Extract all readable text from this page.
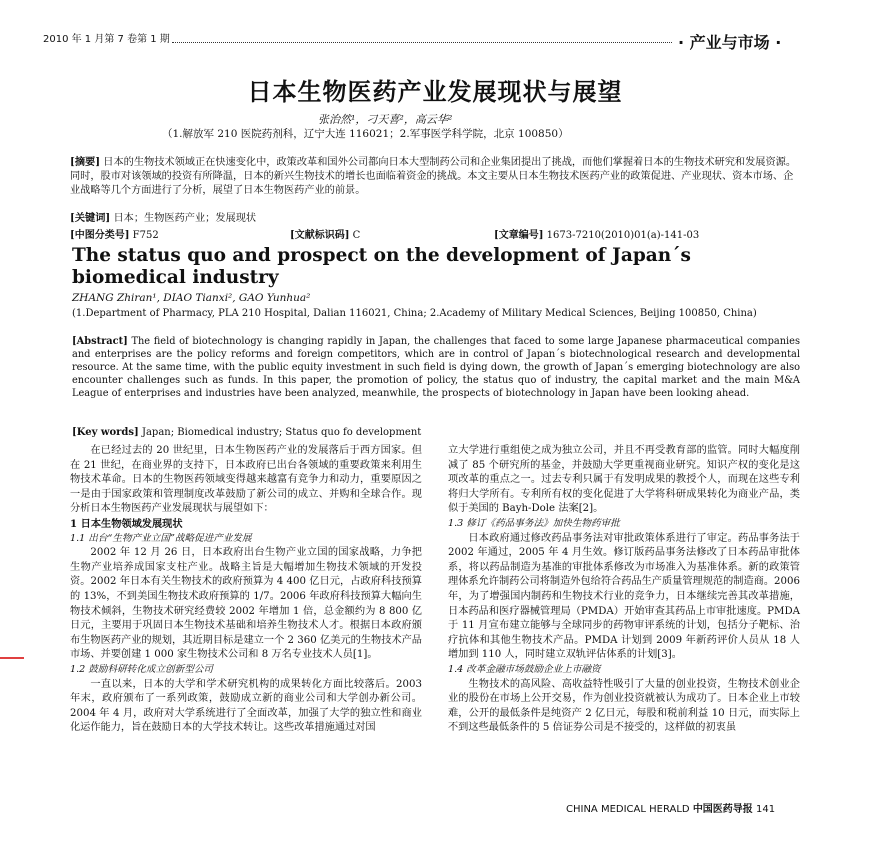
2010 年 1 月第 7 卷第 1 期	· 产业与市场 ·
日本生物医药产业发展现状与展望
张治然¹，刁天喜²，高云华²
（1.解放军 210 医院药剂科，辽宁大连 116021；2.军事医学科学院，北京 100850）
[摘要] 日本的生物技术领域正在快速变化中，政策改革和国外公司都向日本大型制药公司和企业集团提出了挑战，而他们掌握着日本的生物技术研究和发展资源。同时，股市对该领域的投资有所降温，日本的新兴生物技术的增长也面临着资金的挑战。本文主要从日本生物技术医药产业的政策促进、产业现状、资本市场、企业战略等几个方面进行了分析，展望了日本生物医药产业的前景。
[关键词] 日本；生物医药产业；发展现状
[中图分类号] F752	[文献标识码] C	[文章编号] 1673-7210(2010)01(a)-141-03
The status quo and prospect on the development of Japan´s biomedical industry
ZHANG Zhiran¹, DIAO Tianxi², GAO Yunhua²
(1.Department of Pharmacy, PLA 210 Hospital, Dalian 116021, China; 2.Academy of Military Medical Sciences, Beijing 100850, China)
[Abstract] The field of biotechnology is changing rapidly in Japan, the challenges that faced to some large Japanese pharmaceutical companies and enterprises are the policy reforms and foreign competitors, which are in control of Japan´s biotechnological research and developmental resource. At the same time, with the public equity investment in such field is dying down, the growth of Japan´s emerging biotechnology are also encounter challenges such as funds. In this paper, the promotion of policy, the status quo of industry, the capital market and the main M&A League of enterprises and industries have been analyzed, meanwhile, the prospects of biotechnology in Japan have been looking ahead.
[Key words] Japan; Biomedical industry; Status quo fo development

在已经过去的 20 世纪里，日本生物医药产业的发展落后于西方国家。但在 21 世纪，在商业界的支持下，日本政府已出台各领域的重要政策来利用生物技术革命。日本的生物医药领域变得越来越富有竞争力和动力，重要原因之一是由于国家政策和管理制度改革鼓励了新公司的成立、并购和全球合作。现分析日本生物医药产业发展现状与展望如下：

1 日本生物领域发展现状

1.1 出台“生物产业立国”战略促进产业发展

2002 年 12 月 26 日，日本政府出台生物产业立国的国家战略，力争把生物产业培养成国家支柱产业。战略主旨是大幅增加生物技术领域的开发投资。2002 年日本有关生物技术的政府预算为 4 400 亿日元，占政府科技预算的 13%，不到美国生物技术政府预算的 1/7。2006 年政府科技预算大幅向生物技术倾斜，生物技术研究经费较 2002 年增加 1 倍，总金额约为 8 800 亿日元，主要用于巩固日本生物技术基础和培养生物技术人才。根据日本政府颁布生物医药产业的规划，其近期目标是建立一个 2 360 亿美元的生物技术产品市场、并要创建 1 000 家生物技术公司和 8 万名专业技术人员[1]。

1.2 鼓励科研转化成立创新型公司

一直以来，日本的大学和学术研究机构的成果转化方面比较落后。2003 年末，政府颁布了一系列政策，鼓励成立新的商业公司和大学创办新公司。2004 年 4 月，政府对大学系统进行了全面改革，加强了大学的独立性和商业化运作能力，旨在鼓励日本的大学技术转让。这些改革措施通过对国

立大学进行重组使之成为独立公司，并且不再受教育部的监管。同时大幅度削减了 85 个研究所的基金，并鼓励大学更重视商业研究。知识产权的变化是这项改革的重点之一。过去专利只属于有发明成果的教授个人，而现在这些专利将归大学所有。专利所有权的变化促进了大学将科研成果转化为商业产品，类似于美国的 Bayh-Dole 法案[2]。

1.3 修订《药品事务法》加快生物药审批

日本政府通过修改药品事务法对审批政策体系进行了审定。药品事务法于 2002 年通过，2005 年 4 月生效。修订版药品事务法修改了日本药品审批体系，将以药品制造为基准的审批体系修改为市场准入为基准体系。新的政策管理体系允许制药公司将制造外包给符合药品生产质量管理规范的制造商。2006 年，为了增强国内制药和生物技术行业的竞争力，日本继续完善其改革措施，日本药品和医疗器械管理局（PMDA）开始审查其药品上市审批速度。PMDA 于 11 月宣布建立能够与全球同步的药物审评系统的计划，包括分子靶标、治疗抗体和其他生物技术产品。PMDA 计划到 2009 年新药评价人员从 18 人增加到 110 人，同时建立双轨评估体系的计划[3]。

1.4 改革金融市场鼓励企业上市融资

生物技术的高风险、高收益特性吸引了大量的创业投资，生物技术创业企业的股份在市场上公开交易，作为创业投资就被认为成功了。日本企业上市较难，公开的最低条件是纯资产 2 亿日元，每股和税前利益 10 日元，而实际上不到这些最低条件的 5 倍证券公司是不接受的，这样做的初衷虽

CHINA MEDICAL HERALD 中国医药导报 141
